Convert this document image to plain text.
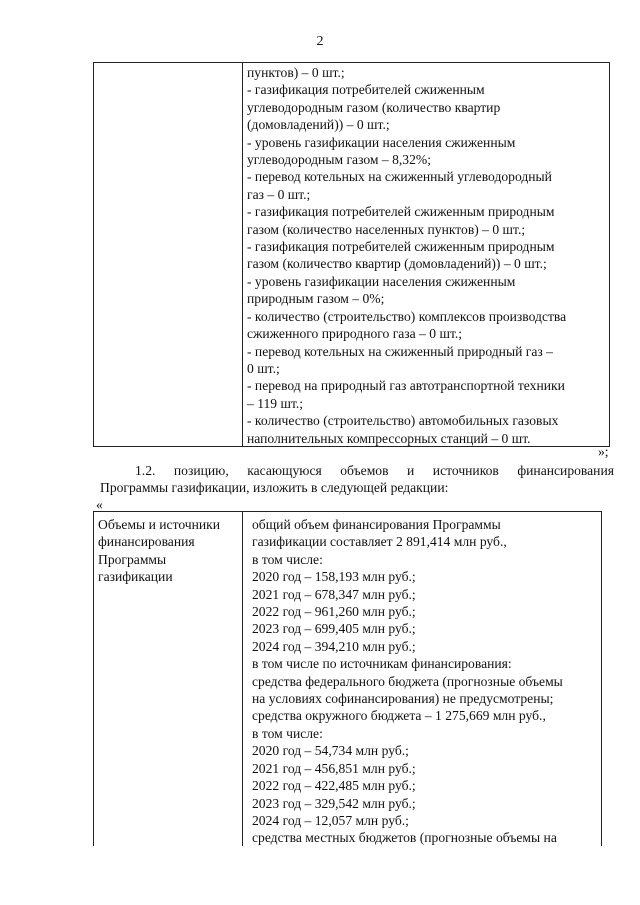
2
пунктов) – 0 шт.;
- газификация потребителей сжиженным
углеводородным газом (количество квартир
(домовладений)) – 0 шт.;
- уровень газификации населения сжиженным
углеводородным газом – 8,32%;
- перевод котельных на сжиженный углеводородный
газ – 0 шт.;
- газификация потребителей сжиженным природным
газом (количество населенных пунктов) – 0 шт.;
- газификация потребителей сжиженным природным
газом (количество квартир (домовладений)) – 0 шт.;
- уровень газификации населения сжиженным
природным газом – 0%;
- количество (строительство) комплексов производства
сжиженного природного газа – 0 шт.;
- перевод котельных на сжиженный природный газ –
0 шт.;
- перевод на природный газ автотранспортной техники
– 119 шт.;
- количество (строительство) автомобильных газовых
наполнительных компрессорных станций – 0 шт.
»;
1.2. позицию, касающуюся объемов и источников финансирования
Программы газификации, изложить в следующей редакции:
«
Объемы и источники
финансирования
Программы
газификации
общий объем финансирования Программы
газификации составляет 2 891,414 млн руб.,
в том числе:
2020 год – 158,193 млн руб.;
2021 год – 678,347 млн руб.;
2022 год – 961,260 млн руб.;
2023 год – 699,405 млн руб.;
2024 год – 394,210 млн руб.;
в том числе по источникам финансирования:
средства федерального бюджета (прогнозные объемы
на условиях софинансирования) не предусмотрены;
средства окружного бюджета – 1 275,669 млн руб.,
в том числе:
2020 год – 54,734 млн руб.;
2021 год – 456,851 млн руб.;
2022 год – 422,485 млн руб.;
2023 год – 329,542 млн руб.;
2024 год – 12,057 млн руб.;
средства местных бюджетов (прогнозные объемы на
